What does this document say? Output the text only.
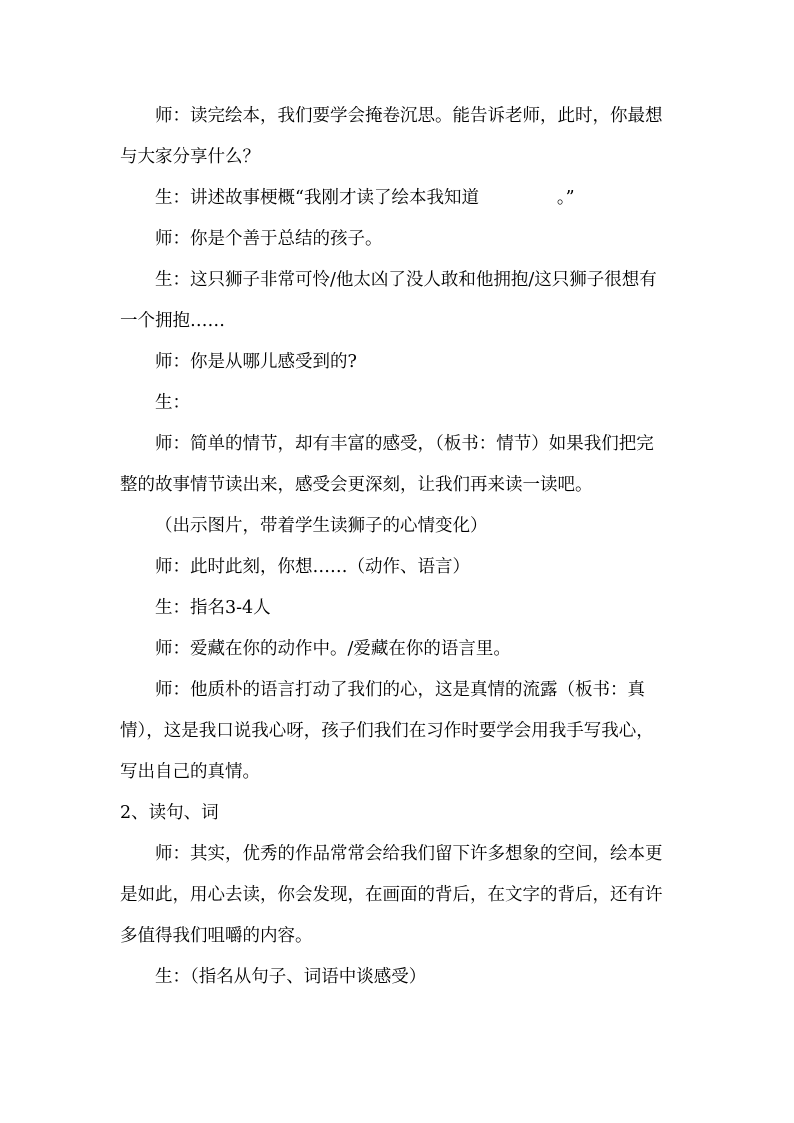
师：读完绘本，我们要学会掩卷沉思。能告诉老师，此时，你最想与大家分享什么？

生：讲述故事梗概“我刚才读了绘本我知道              。”

师：你是个善于总结的孩子。

生：这只狮子非常可怜/他太凶了没人敢和他拥抱/这只狮子很想有一个拥抱……

师：你是从哪儿感受到的?

生：

师：简单的情节，却有丰富的感受，（板书：情节）如果我们把完整的故事情节读出来，感受会更深刻，让我们再来读一读吧。

（出示图片，带着学生读狮子的心情变化）

师：此时此刻，你想……（动作、语言）

生：指名3-4人

师：爱藏在你的动作中。/爱藏在你的语言里。

师：他质朴的语言打动了我们的心，这是真情的流露（板书：真情），这是我口说我心呀，孩子们我们在习作时要学会用我手写我心，写出自己的真情。

2、读句、词

师：其实，优秀的作品常常会给我们留下许多想象的空间，绘本更是如此，用心去读，你会发现，在画面的背后，在文字的背后，还有许多值得我们咀嚼的内容。

生：（指名从句子、词语中谈感受）
